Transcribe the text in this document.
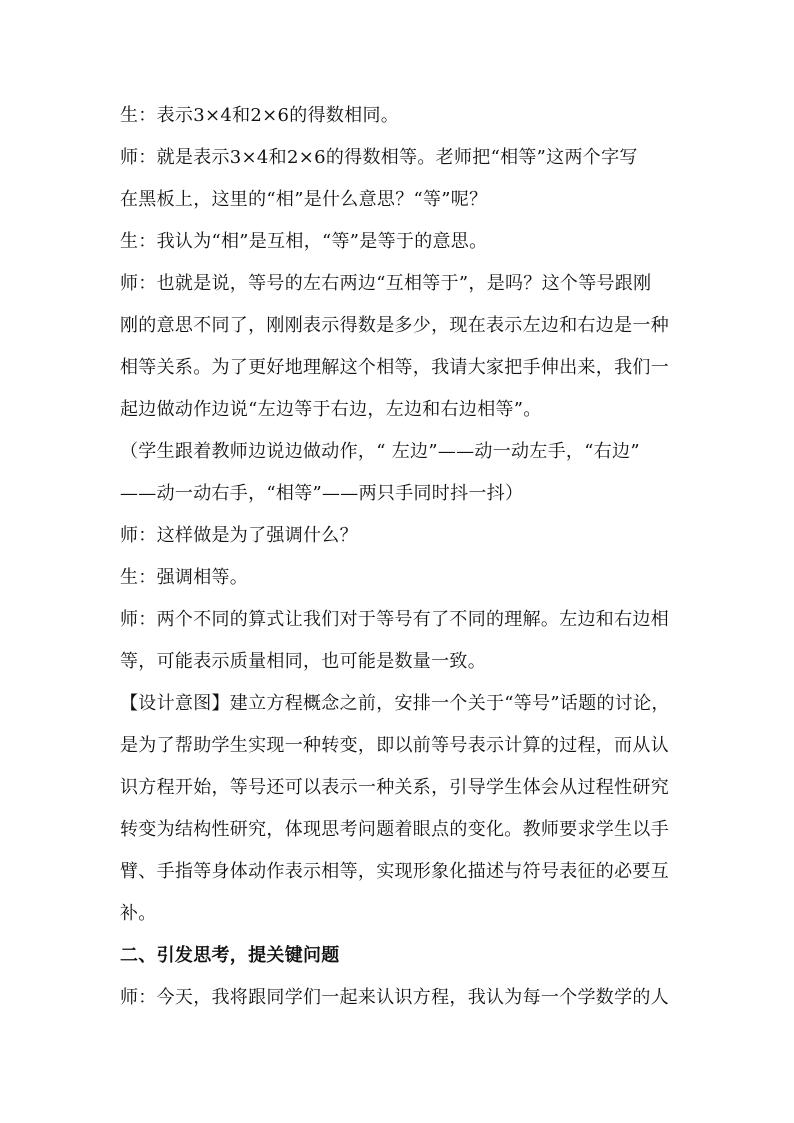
生：表示3×4和2×6的得数相同。
师：就是表示3×4和2×6的得数相等。老师把“相等”这两个字写
在黑板上，这里的“相”是什么意思？“等”呢？
生：我认为“相”是互相，“等”是等于的意思。
师：也就是说，等号的左右两边“互相等于”，是吗？这个等号跟刚
刚的意思不同了，刚刚表示得数是多少，现在表示左边和右边是一种
相等关系。为了更好地理解这个相等，我请大家把手伸出来，我们一
起边做动作边说“左边等于右边，左边和右边相等”。
（学生跟着教师边说边做动作，“ 左边”——动一动左手，“右边”
——动一动右手，“相等”——两只手同时抖一抖）
师：这样做是为了强调什么？
生：强调相等。
师：两个不同的算式让我们对于等号有了不同的理解。左边和右边相
等，可能表示质量相同，也可能是数量一致。
【设计意图】建立方程概念之前，安排一个关于“等号”话题的讨论，
是为了帮助学生实现一种转变，即以前等号表示计算的过程，而从认
识方程开始，等号还可以表示一种关系，引导学生体会从过程性研究
转变为结构性研究，体现思考问题着眼点的变化。教师要求学生以手
臂、手指等身体动作表示相等，实现形象化描述与符号表征的必要互
补。
二、引发思考，提关键问题
师：今天，我将跟同学们一起来认识方程，我认为每一个学数学的人
